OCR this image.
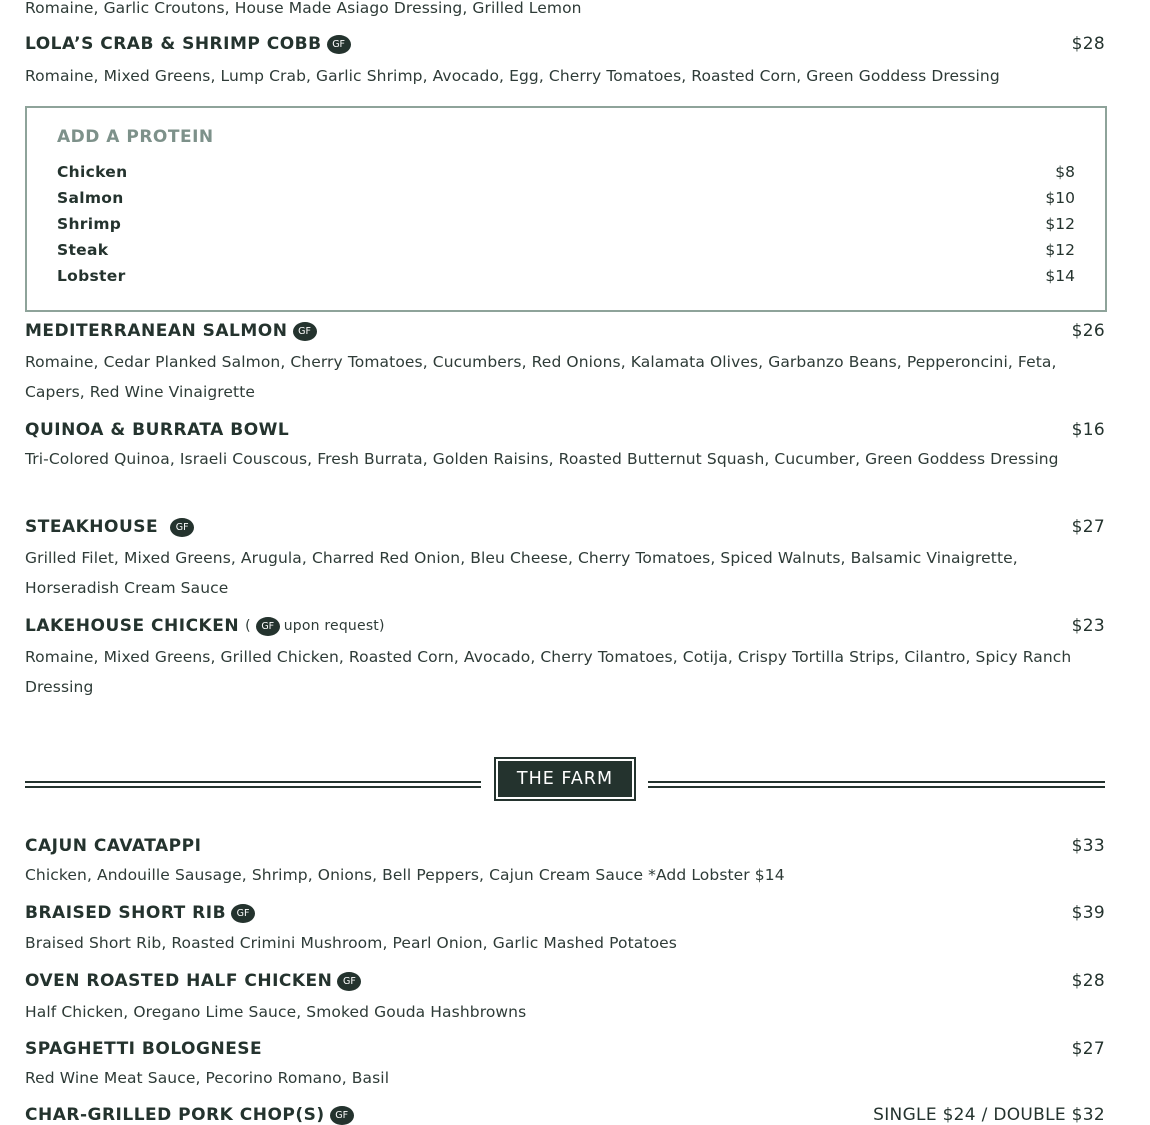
Romaine, Garlic Croutons, House Made Asiago Dressing, Grilled Lemon
LOLA’S CRAB & SHRIMP COBB	GF	$28
Romaine, Mixed Greens, Lump Crab, Garlic Shrimp, Avocado, Egg, Cherry Tomatoes, Roasted Corn, Green Goddess Dressing
ADD A PROTEIN
Chicken	$8
Salmon	$10
Shrimp	$12
Steak	$12
Lobster	$14
MEDITERRANEAN SALMON	GF	$26
Romaine, Cedar Planked Salmon, Cherry Tomatoes, Cucumbers, Red Onions, Kalamata Olives, Garbanzo Beans, Pepperoncini, Feta, Capers, Red Wine Vinaigrette
QUINOA & BURRATA BOWL	$16
Tri-Colored Quinoa, Israeli Couscous, Fresh Burrata, Golden Raisins, Roasted Butternut Squash, Cucumber, Green Goddess Dressing
STEAKHOUSE	GF	$27
Grilled Filet, Mixed Greens, Arugula, Charred Red Onion, Bleu Cheese, Cherry Tomatoes, Spiced Walnuts, Balsamic Vinaigrette, Horseradish Cream Sauce
LAKEHOUSE CHICKEN (	GF upon request)	$23
Romaine, Mixed Greens, Grilled Chicken, Roasted Corn, Avocado, Cherry Tomatoes, Cotija, Crispy Tortilla Strips, Cilantro, Spicy Ranch Dressing
THE FARM
CAJUN CAVATAPPI	$33
Chicken, Andouille Sausage, Shrimp, Onions, Bell Peppers, Cajun Cream Sauce *Add Lobster $14
BRAISED SHORT RIB	GF	$39
Braised Short Rib, Roasted Crimini Mushroom, Pearl Onion, Garlic Mashed Potatoes
OVEN ROASTED HALF CHICKEN	GF	$28
Half Chicken, Oregano Lime Sauce, Smoked Gouda Hashbrowns
SPAGHETTI BOLOGNESE	$27
Red Wine Meat Sauce, Pecorino Romano, Basil
CHAR-GRILLED PORK CHOP(S)	GF	SINGLE $24 / DOUBLE $32
